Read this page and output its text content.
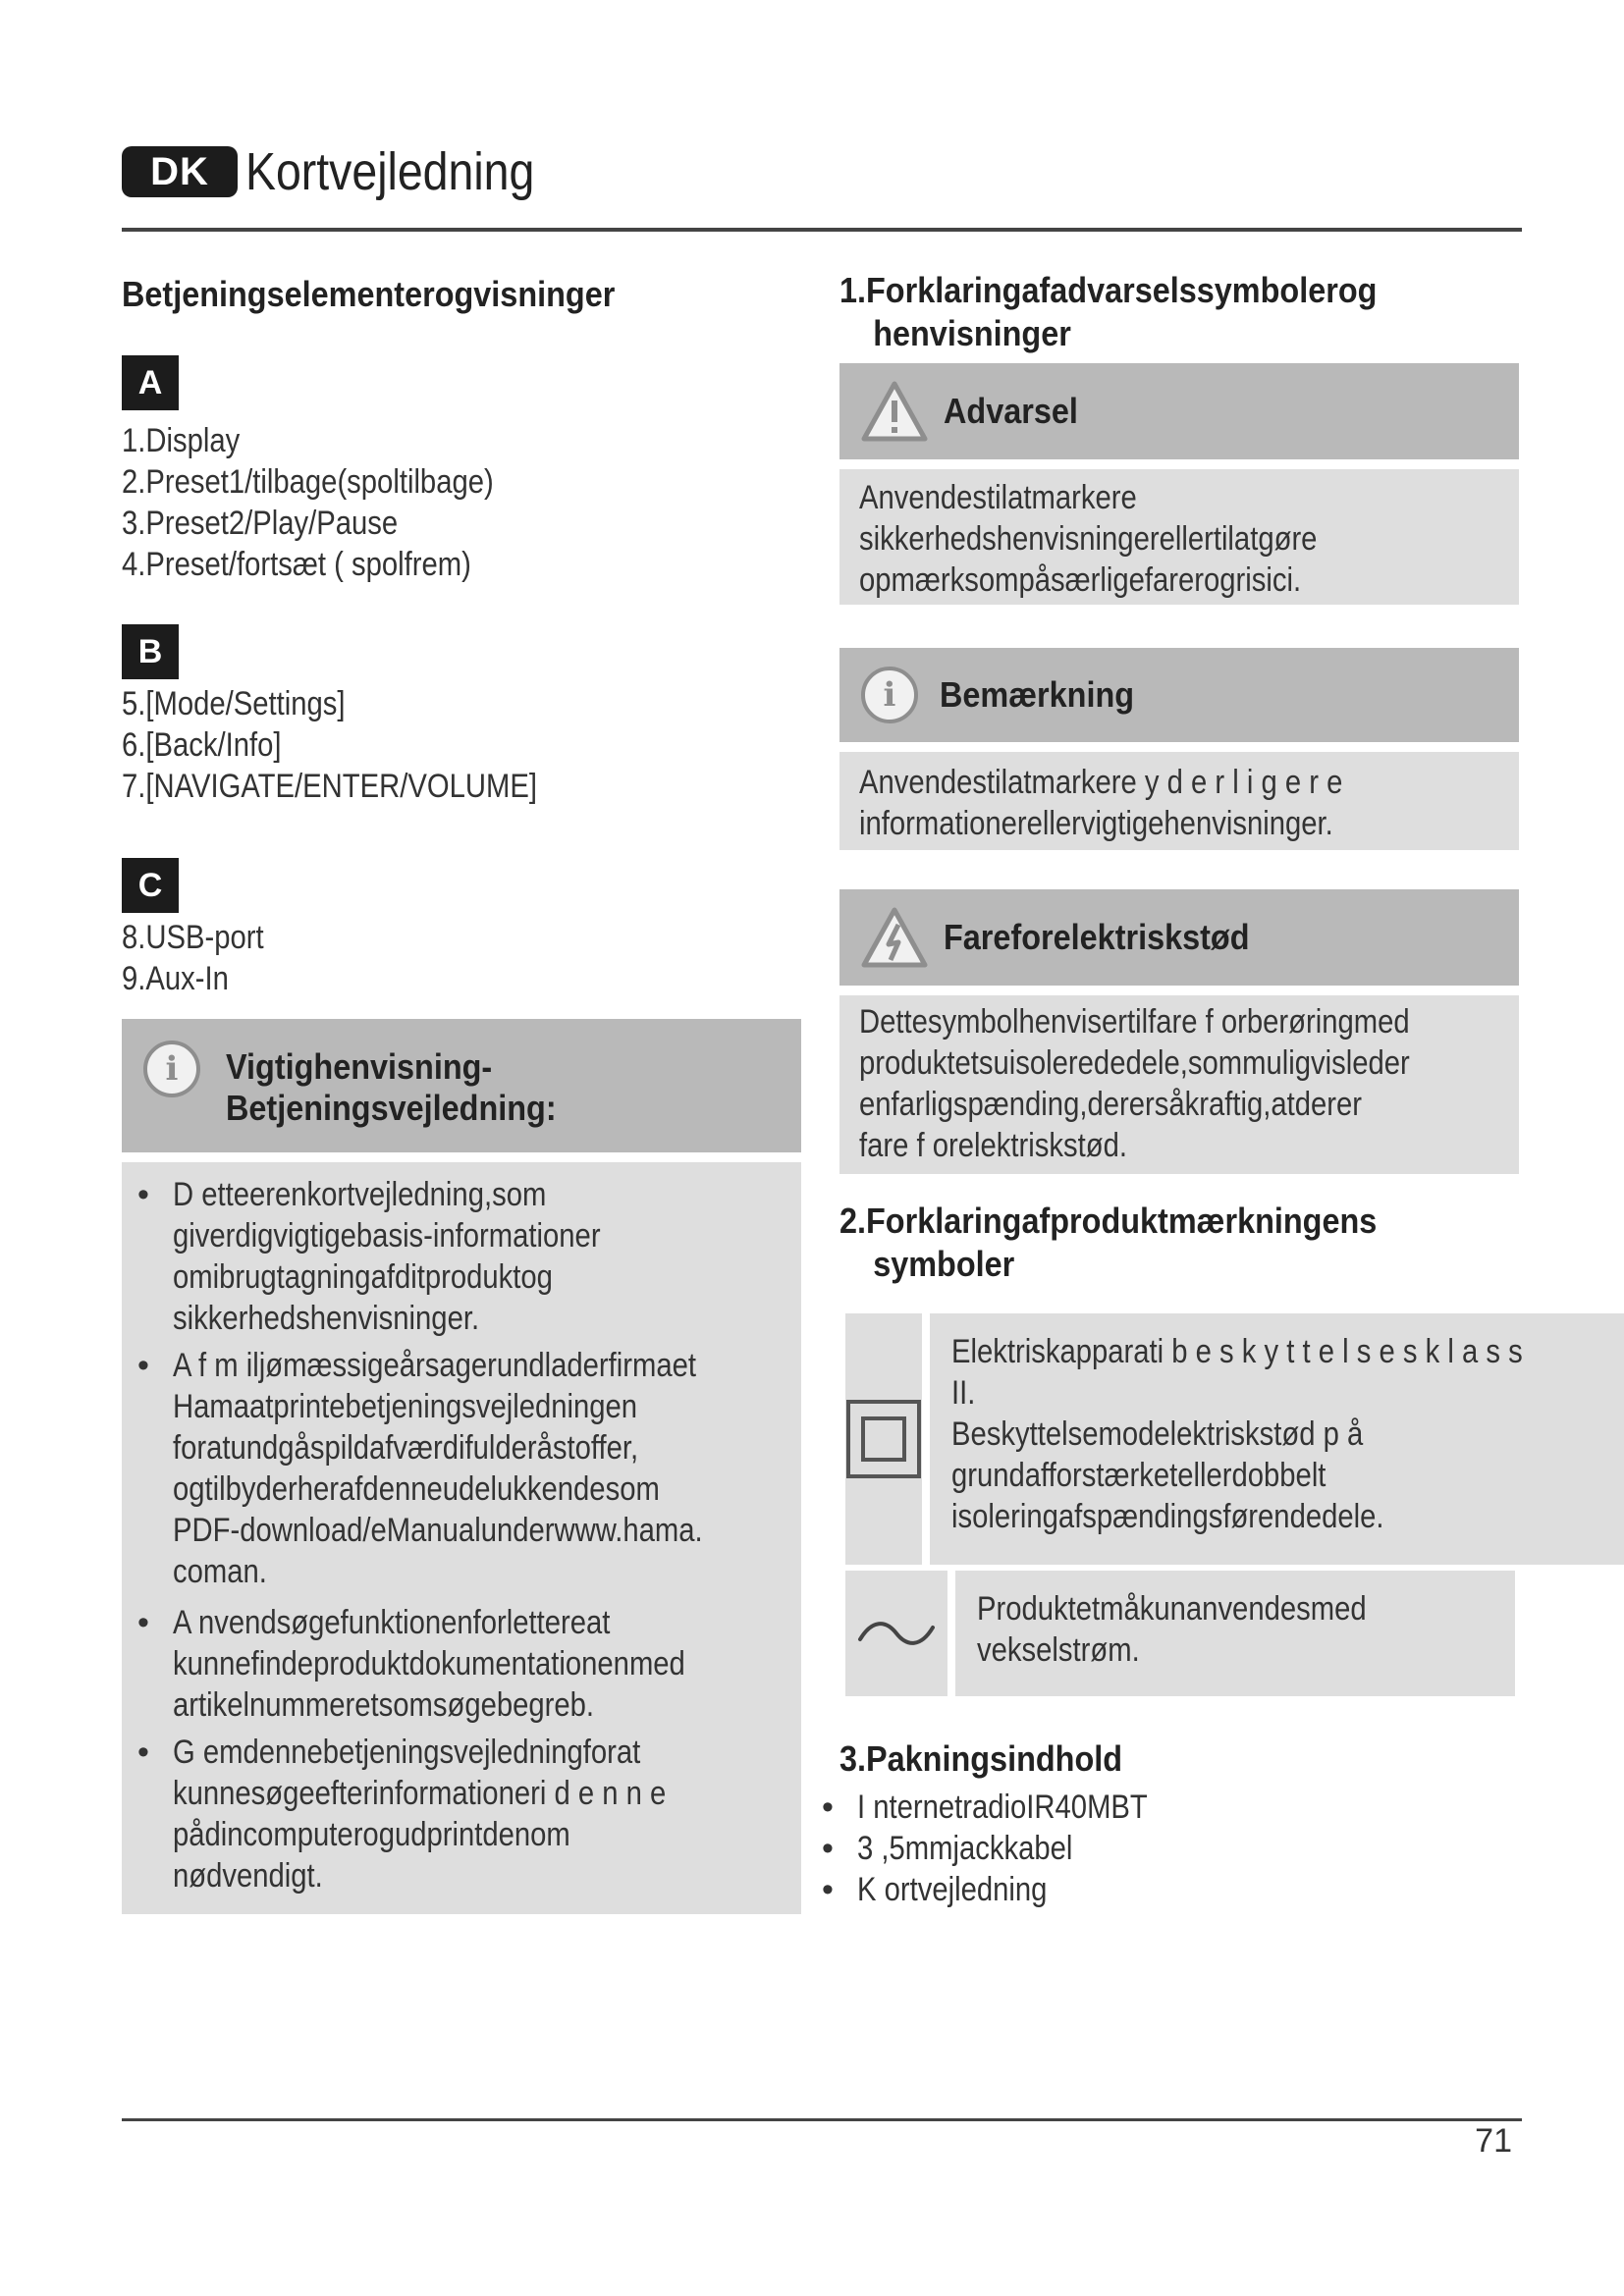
DK Kortvejledning
Betjeningselementerogvisninger
A
1.Display
2.Preset1/tilbage(spoltilbage)
3.Preset2/Play/Pause
4.Preset/fortsæt ( spolfrem)
B
5.[Mode/Settings]
6.[Back/Info]
7.[NAVIGATE/ENTER/VOLUME]
C
8.USB-port
9.Aux-In
i	Vigtighenvisning-
Betjeningsvejledning:
• D etteerenkortvejledning,som
giverdigvigtigebasis-informationer
omibrugtagningafditproduktog
sikkerhedshenvisninger.
• A f m iljømæssigeårsagerundladerfirmaet
Hamaatprintebetjeningsvejledningen
foratundgåspildafværdifulderåstoffer,
ogtilbyderherafdenneudelukkendesom
PDF-download/eManualunderwww.hama.
coman.
• A nvendsøgefunktionenforlettereat
kunnefindeproduktdokumentationenmed
artikelnummeretsomsøgebegreb.
• G emdennebetjeningsvejledningforat
kunnesøgeefterinformationeri d e n n e
pådincomputerogudprintdenom
nødvendigt.
1.Forklaringafadvarselssymbolerog
henvisninger
Advarsel

Anvendestilatmarkere

sikkerhedshenvisningerellertilatgøre

opmærksompåsærligefarerogrisici.

i	Bemærkning

Anvendestilatmarkere y d e r l i g e r e

informationerellervigtigehenvisninger.

Fareforelektriskstød

Dettesymbolhenvisertilfare f orberøringmed

produktetsuisolerededele,sommuligvisleder

enfarligspænding,derersåkraftig,atderer

fare f orelektriskstød.

2.Forklaringafproduktmærkningens
symboler

Elektriskapparati b e s k y t t e l s e s k l a s s

II.

Beskyttelsemodelektriskstød p å

grundafforstærketellerdobbelt

isoleringafspændingsførendedele.

Produktetmåkunanvendesmed

vekselstrøm.

3.Pakningsindhold
• I nternetradioIR40MBT
• 3 ,5mmjackkabel
• K ortvejledning
71
